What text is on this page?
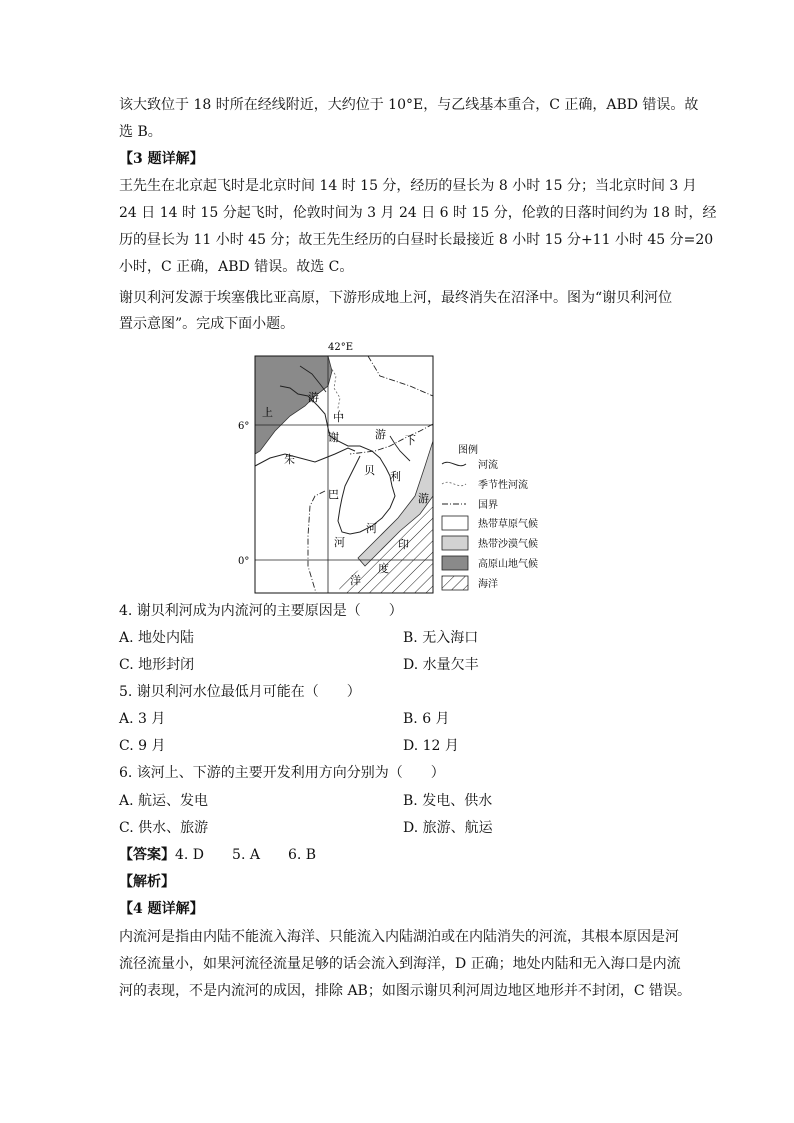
该大致位于 18 时所在经线附近，大约位于 10°E，与乙线基本重合，C 正确，ABD 错误。故
选 B。
【3 题详解】
王先生在北京起飞时是北京时间 14 时 15 分，经历的昼长为 8 小时 15 分；当北京时间 3 月
24 日 14 时 15 分起飞时，伦敦时间为 3 月 24 日 6 时 15 分，伦敦的日落时间约为 18 时，经
历的昼长为 11 小时 45 分；故王先生经历的白昼时长最接近 8 小时 15 分+11 小时 45 分=20
小时，C 正确，ABD 错误。故选 C。
谢贝利河发源于埃塞俄比亚高原，下游形成地上河，最终消失在沼泽中。图为“谢贝利河位
置示意图”。完成下面小题。
42°E
6°
0°
上
游
中
谢	游
贝
下
利
游
朱
巴
河
河	印
度
洋
图例
河流
季节性河流
国界
热带草原气候
热带沙漠气候
高原山地气候
海洋
4. 谢贝利河成为内流河的主要原因是（　　）
A. 地处内陆	B. 无入海口
C. 地形封闭	D. 水量欠丰
5. 谢贝利河水位最低月可能在（　　）
A. 3 月	B. 6 月
C. 9 月	D. 12 月
6. 该河上、下游的主要开发利用方向分别为（　　）
A. 航运、发电	B. 发电、供水
C. 供水、旅游	D. 旅游、航运
【答案】4. D　　5. A　　6. B
【解析】
【4 题详解】
内流河是指由内陆不能流入海洋、只能流入内陆湖泊或在内陆消失的河流，其根本原因是河
流径流量小，如果河流径流量足够的话会流入到海洋，D 正确；地处内陆和无入海口是内流
河的表现，不是内流河的成因，排除 AB；如图示谢贝利河周边地区地形并不封闭，C 错误。
